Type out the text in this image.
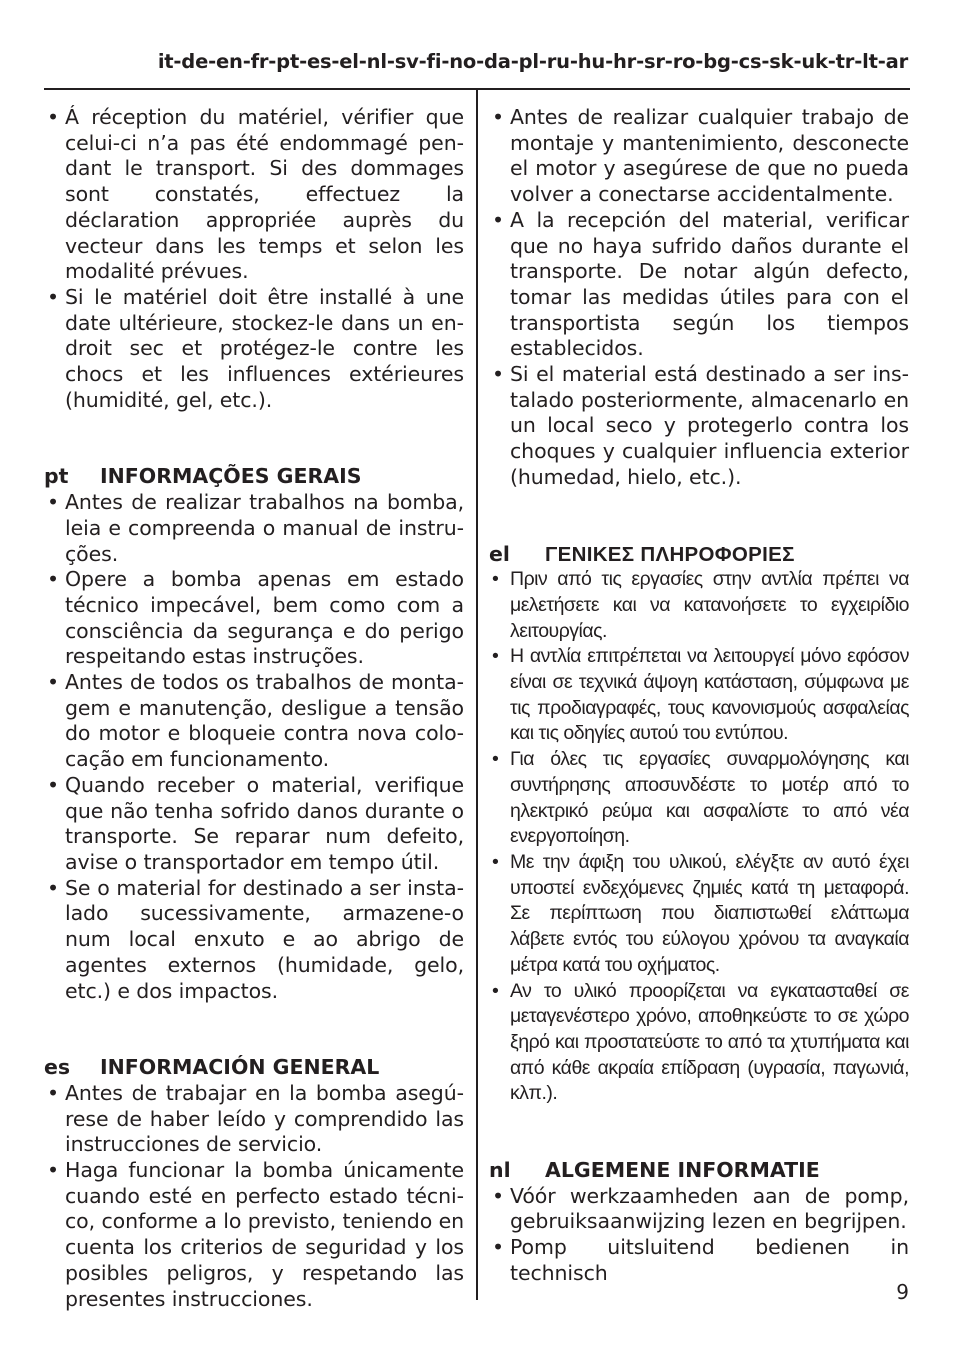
it-de-en-fr-pt-es-el-nl-sv-fi-no-da-pl-ru-hu-hr-sr-ro-bg-cs-sk-uk-tr-lt-ar
• Á réception du matériel, vérifier que celui-ci n’a pas été endommagé pendant le transport. Si des dommages sont constatés, effectuez la déclaration appropriée auprès du vecteur dans les temps et selon les modalité prévues.
• Si le matériel doit être installé à une date ultérieure, stockez-le dans un endroit sec et protégez-le contre les chocs et les influences extérieures (humidité, gel, etc.).
pt INFORMAÇÕES GERAIS
• Antes de realizar trabalhos na bomba, leia e compreenda o manual de instruções.
• Opere a bomba apenas em estado técnico impecável, bem como com a consciência da segurança e do perigo respeitando estas instruções.
• Antes de todos os trabalhos de montagem e manutenção, desligue a tensão do motor e bloqueie contra nova colocação em funcionamento.
• Quando receber o material, verifique que não tenha sofrido danos durante o transporte. Se reparar num defeito, avise o transportador em tempo útil.
• Se o material for destinado a ser instalado sucessivamente, armazene-o num local enxuto e ao abrigo de agentes externos (humidade, gelo, etc.) e dos impactos.
es INFORMACIÓN GENERAL
• Antes de trabajar en la bomba asegúrese de haber leído y comprendido las instrucciones de servicio.
• Haga funcionar la bomba únicamente cuando esté en perfecto estado técnico, conforme a lo previsto, teniendo en cuenta los criterios de seguridad y los posibles peligros, y respetando las presentes instrucciones.
• Antes de realizar cualquier trabajo de montaje y mantenimiento, desconecte el motor y asegúrese de que no pueda volver a conectarse accidentalmente.
• A la recepción del material, verificar que no haya sufrido daños durante el transporte. De notar algún defecto, tomar las medidas útiles para con el transportista según los tiempos establecidos.
• Si el material está destinado a ser instalado posteriormente, almacenarlo en un local seco y protegerlo contra los choques y cualquier influencia exterior (humedad, hielo, etc.).
el ΓΕΝΙΚΕΣ ΠΛΗΡΟΦΟΡΙΕΣ
• Πριν από τις εργασίες στην αντλία πρέπει να μελετήσετε και να κατανοήσετε το εγχειρίδιο λειτουργίας.
• Η αντλία επιτρέπεται να λειτουργεί μόνο εφόσον είναι σε τεχνικά άψογη κατάσταση, σύμφωνα με τις προδιαγραφές, τους κανονισμούς ασφαλείας και τις οδηγίες αυτού του εντύπου.
• Για όλες τις εργασίες συναρμολόγησης και συντήρησης αποσυνδέστε το μοτέρ από το ηλεκτρικό ρεύμα και ασφαλίστε το από νέα ενεργοποίηση.
• Με την άφιξη του υλικού, ελέγξτε αν αυτό έχει υποστεί ενδεχόμενες ζημιές κατά τη μεταφορά. Σε περίπτωση που διαπιστωθεί ελάττωμα λάβετε εντός του εύλογου χρόνου τα αναγκαία μέτρα κατά του οχήματος.
• Αν το υλικό προορίζεται να εγκατασταθεί σε μεταγενέστερο χρόνο, αποθηκεύστε το σε χώρο ξηρό και προστατεύστε το από τα χτυπήματα και από κάθε ακραία επίδραση (υγρασία, παγωνιά, κλπ.).
nl ALGEMENE INFORMATIE
• Vóór werkzaamheden aan de pomp, gebruiksaanwijzing lezen en begrijpen.
• Pomp uitsluitend bedienen in technisch
9
